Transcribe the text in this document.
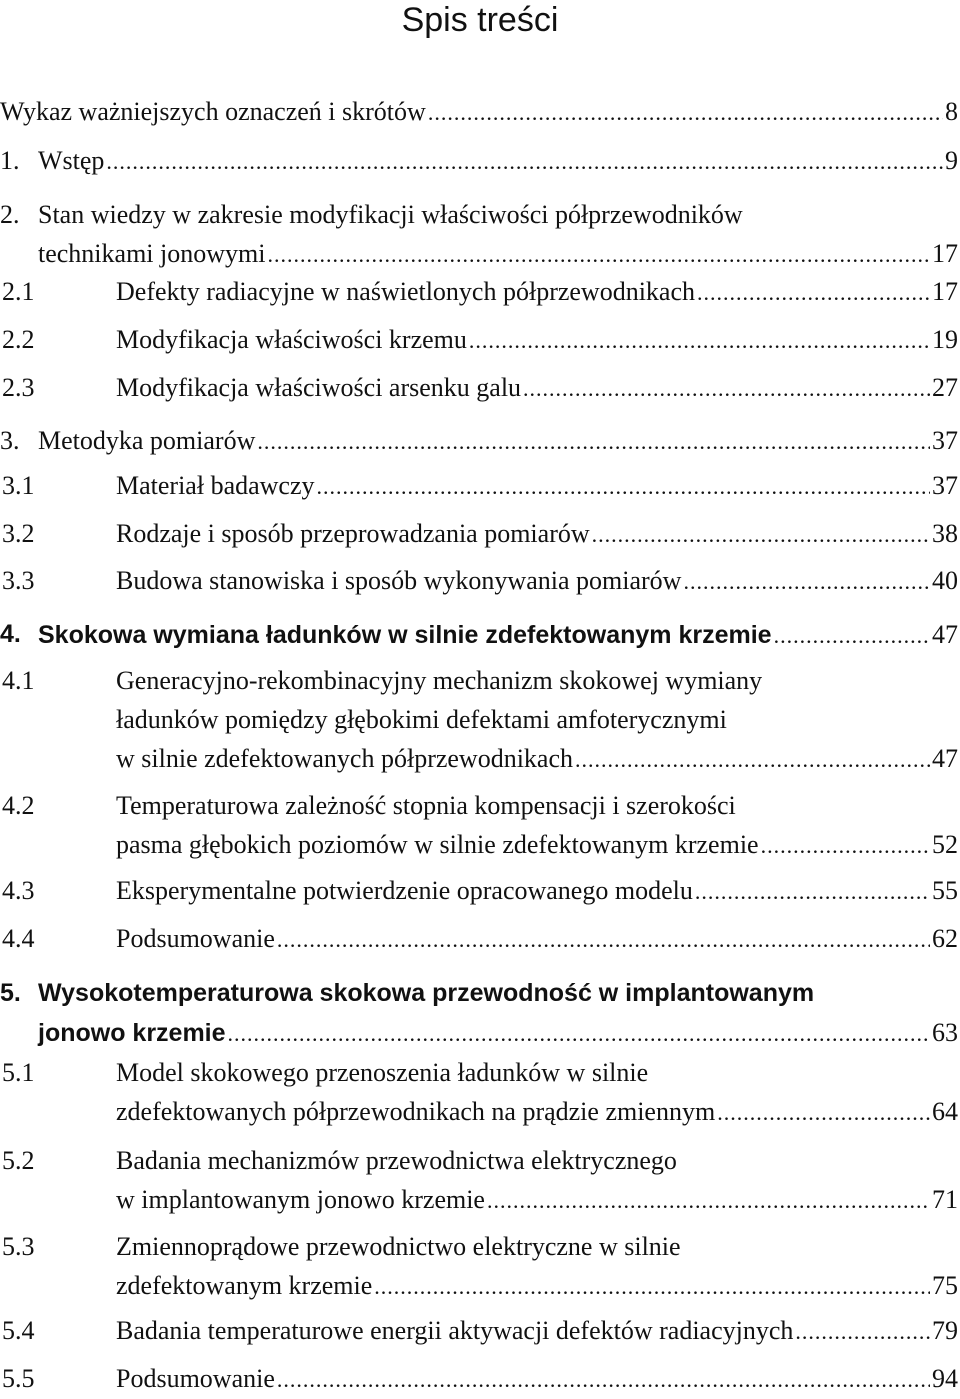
Spis treści
Wykaz ważniejszych oznaczeń i skrótów .....	8
1. Wstęp .....	9
2. Stan wiedzy w zakresie modyfikacji właściwości półprzewodników
technikami jonowymi .....	17
2.1	Defekty radiacyjne w naświetlonych półprzewodnikach .....	17
2.2	Modyfikacja właściwości krzemu .....	19
2.3	Modyfikacja właściwości arsenku galu .....	27
3. Metodyka pomiarów .....	37
3.1	Materiał badawczy .....	37
3.2	Rodzaje i sposób przeprowadzania pomiarów .....	38
3.3	Budowa stanowiska i sposób wykonywania pomiarów .....	40
4. Skokowa wymiana ładunków w silnie zdefektowanym krzemie .....	47
4.1	Generacyjno-rekombinacyjny mechanizm skokowej wymiany
ładunków pomiędzy głębokimi defektami amfoterycznymi
w silnie zdefektowanych półprzewodnikach .....	47
4.2	Temperaturowa zależność stopnia kompensacji i szerokości
pasma głębokich poziomów w silnie zdefektowanym krzemie .....	52
4.3	Eksperymentalne potwierdzenie opracowanego modelu .....	55
4.4	Podsumowanie .....	62
5. Wysokotemperaturowa skokowa przewodność w implantowanym
jonowo krzemie .....	63
5.1	Model skokowego przenoszenia ładunków w silnie
zdefektowanych półprzewodnikach na prądzie zmiennym .....	64
5.2	Badania mechanizmów przewodnictwa elektrycznego
w implantowanym jonowo krzemie .....	71
5.3	Zmiennoprądowe przewodnictwo elektryczne w silnie
zdefektowanym krzemie .....	75
5.4	Badania temperaturowe energii aktywacji defektów radiacyjnych .....	79
5.5	Podsumowanie .....	94
